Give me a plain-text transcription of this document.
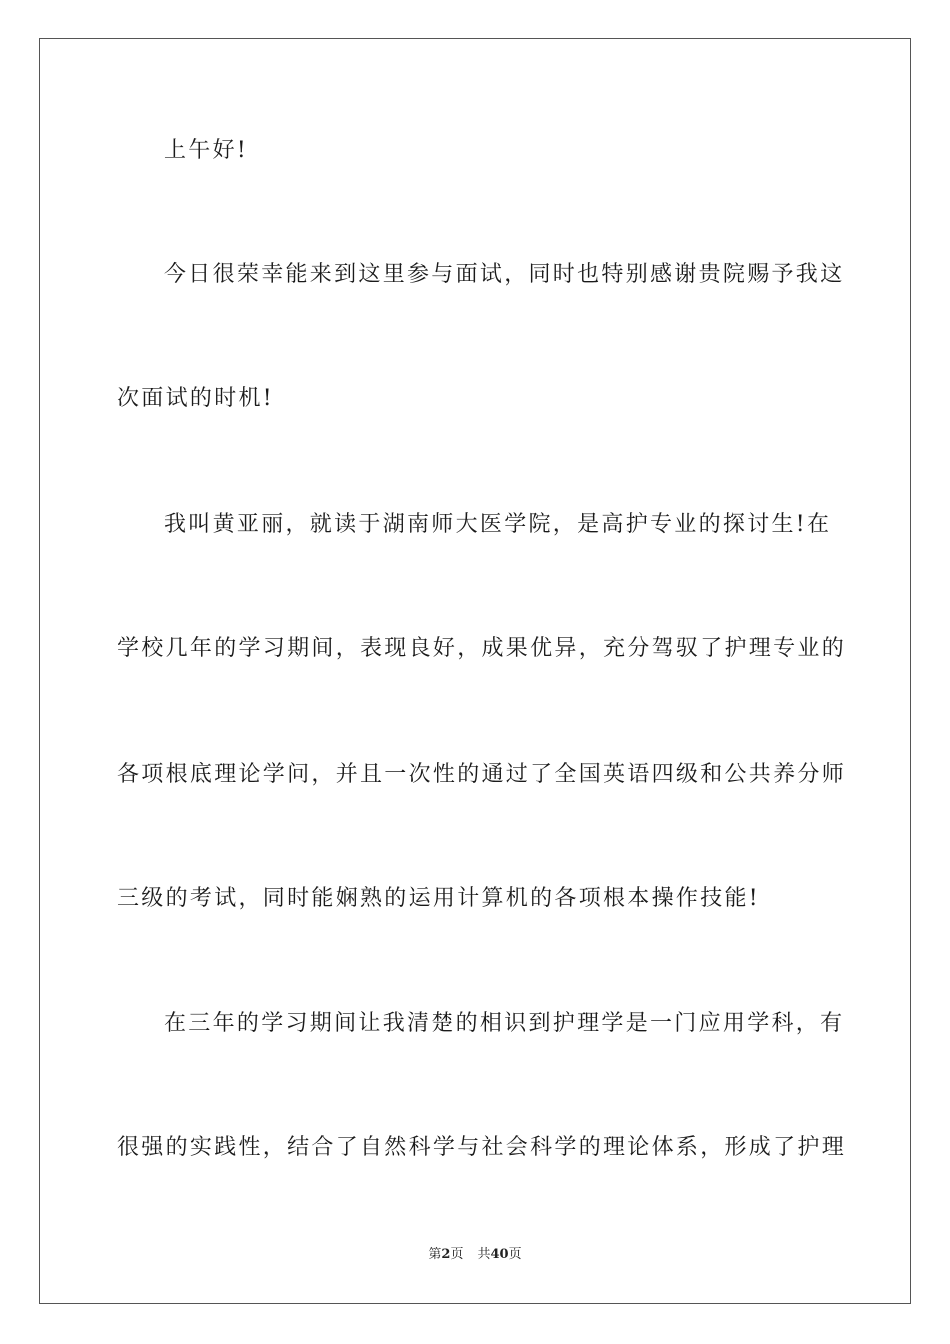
上午好!
今日很荣幸能来到这里参与面试，同时也特别感谢贵院赐予我这
次面试的时机!
我叫黄亚丽，就读于湖南师大医学院，是高护专业的探讨生!在
学校几年的学习期间，表现良好，成果优异，充分驾驭了护理专业的
各项根底理论学问，并且一次性的通过了全国英语四级和公共养分师
三级的考试，同时能娴熟的运用计算机的各项根本操作技能!
在三年的学习期间让我清楚的相识到护理学是一门应用学科，有
很强的实践性，结合了自然科学与社会科学的理论体系，形成了护理
第2页 共40页
